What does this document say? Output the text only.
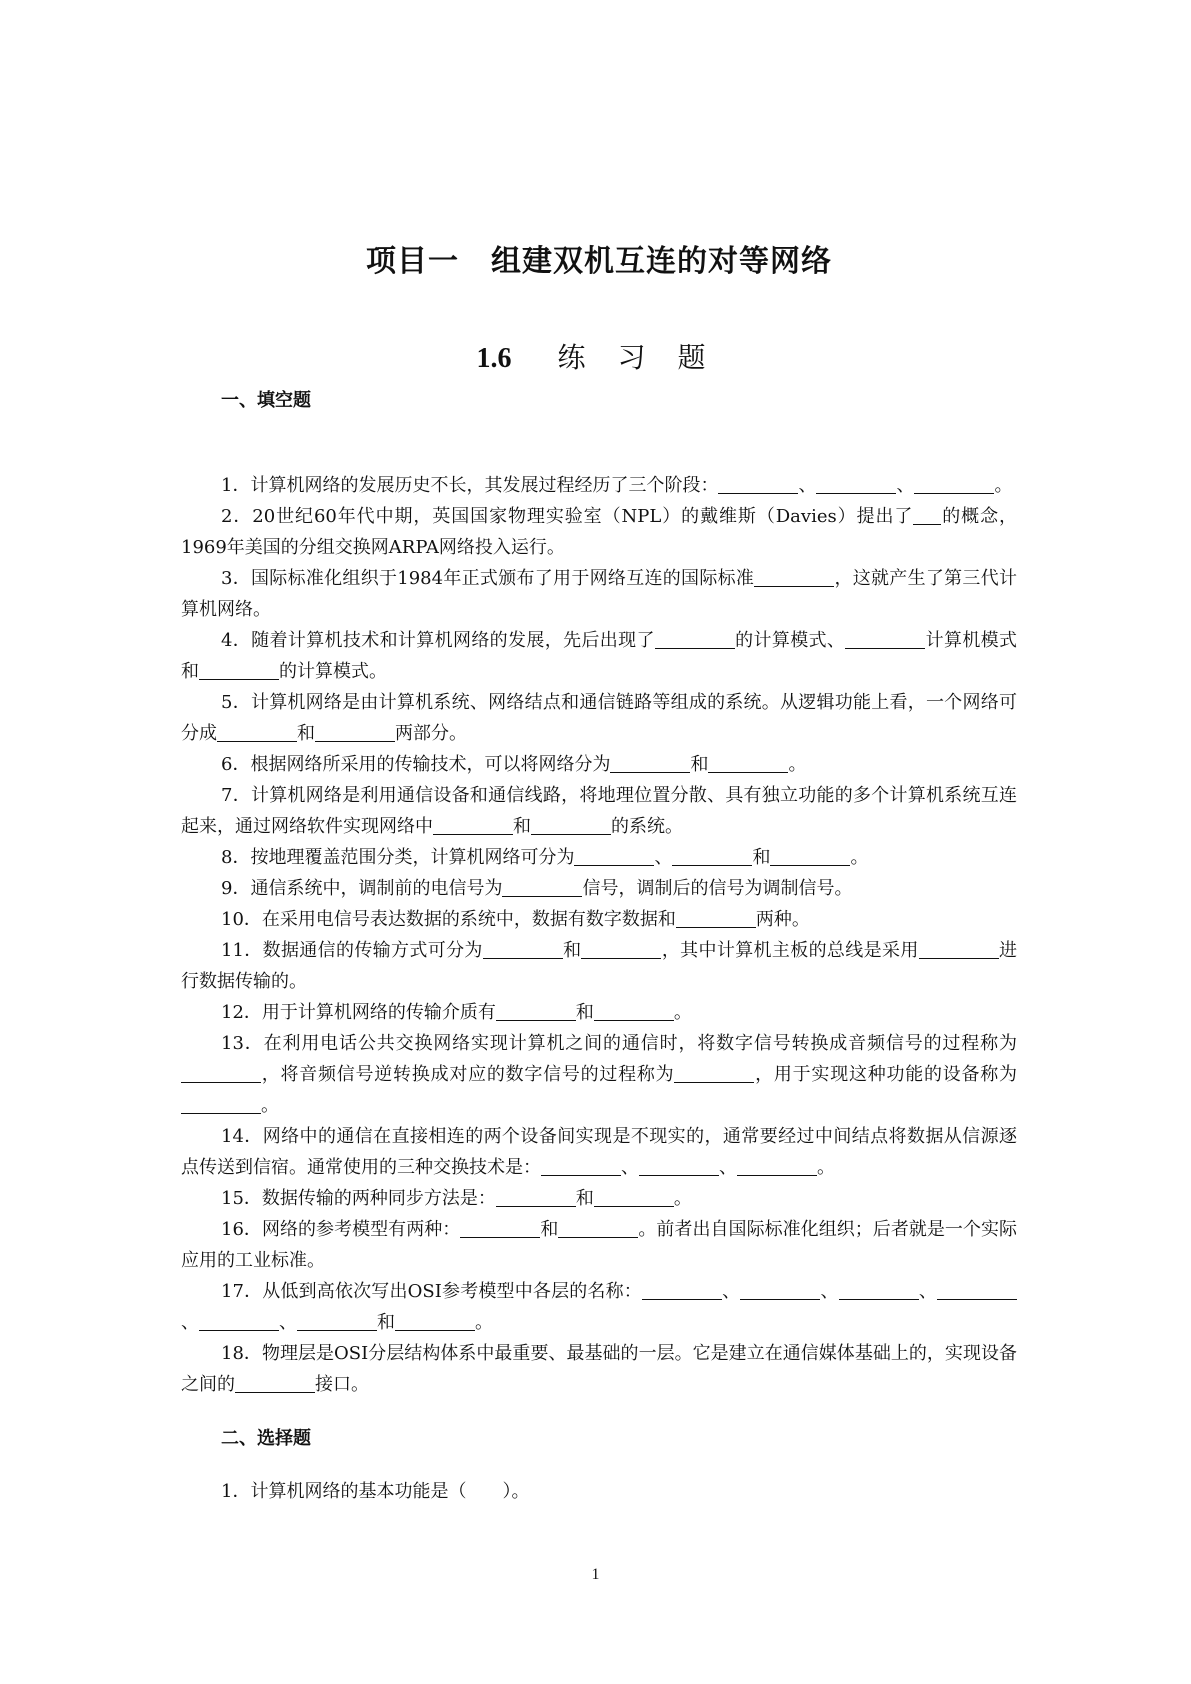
项目一 组建双机互连的对等网络
1.6 练 习 题
一、填空题

1．计算机网络的发展历史不长，其发展过程经历了三个阶段：	、	、	。

2．20世纪60年代中期，英国国家物理实验室（NPL）的戴维斯（Davies）提出了 的概念，1969年美国的分组交换网ARPA网络投入运行。

3．国际标准化组织于1984年正式颁布了用于网络互连的国际标准	，这就产生了第三代计算机网络。

4．随着计算机技术和计算机网络的发展，先后出现了	的计算模式、	计算机模式和	的计算模式。

5．计算机网络是由计算机系统、网络结点和通信链路等组成的系统。从逻辑功能上看，一个网络可分成	和	两部分。

6．根据网络所采用的传输技术，可以将网络分为	和	。

7．计算机网络是利用通信设备和通信线路，将地理位置分散、具有独立功能的多个计算机系统互连起来，通过网络软件实现网络中	和	的系统。

8．按地理覆盖范围分类，计算机网络可分为	、	和	。

9．通信系统中，调制前的电信号为	信号，调制后的信号为调制信号。

10．在采用电信号表达数据的系统中，数据有数字数据和	两种。

11．数据通信的传输方式可分为	和	，其中计算机主板的总线是采用	进行数据传输的。

12．用于计算机网络的传输介质有	和	。

13．在利用电话公共交换网络实现计算机之间的通信时，将数字信号转换成音频信号的过程称为，将音频信号逆转换成对应的数字信号的过程称为	，用于实现这种功能的设备称为。

14．网络中的通信在直接相连的两个设备间实现是不现实的，通常要经过中间结点将数据从信源逐点传送到信宿。通常使用的三种交换技术是：	、	、	。

15．数据传输的两种同步方法是：	和	。

16．网络的参考模型有两种：	和	。前者出自国际标准化组织；后者就是一个实际应用的工业标准。

17．从低到高依次写出OSI参考模型中各层的名称：	、	、	、、	、	和	。

18．物理层是OSI分层结构体系中最重要、最基础的一层。它是建立在通信媒体基础上的，实现设备之间的	接口。

二、选择题

1．计算机网络的基本功能是（　　）。

1
